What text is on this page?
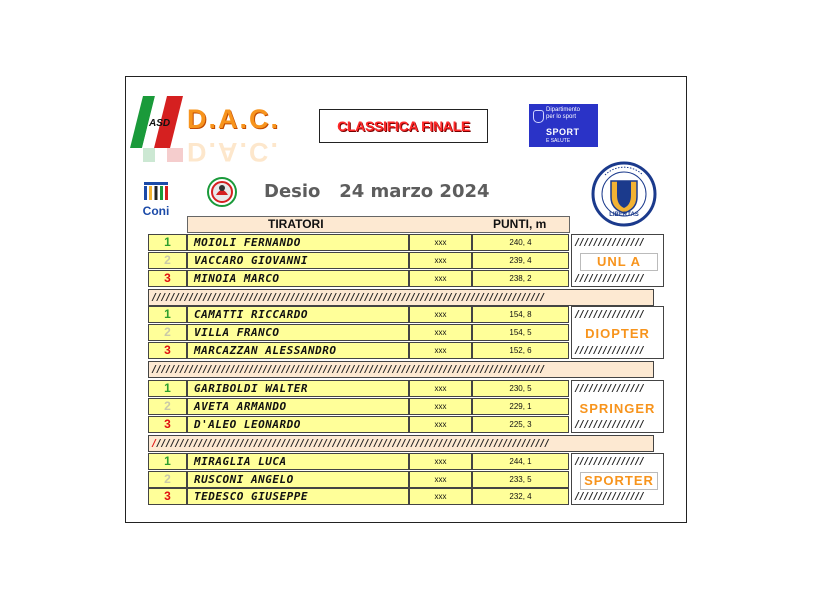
ASD D.A.C.
D.A.C.
CLASSIFICA FINALE
Dipartimento
per lo sport
SPORT
E SALUTE
Coni
Desio 24 marzo 2024
LIBERTAS
TIRATORI	PUNTI, m
1	MOIOLI FERNANDO	xxx	240, 4
2	VACCARO GIOVANNI	xxx	239, 4
3	MINOIA MARCO	xxx	238, 2
///////////////
UNL A
///////////////
/////////////////////////////////////////////////////////////////////////////////////
1	CAMATTI RICCARDO	xxx	154, 8
2	VILLA FRANCO	xxx	154, 5
3	MARCAZZAN ALESSANDRO	xxx	152, 6
///////////////
DIOPTER
///////////////
/////////////////////////////////////////////////////////////////////////////////////
1	GARIBOLDI WALTER	xxx	230, 5
2	AVETA ARMANDO	xxx	229, 1
3	D'ALEO LEONARDO	xxx	225, 3
///////////////
SPRINGER
///////////////
//////////////////////////////////////////////////////////////////////////////////////
1	MIRAGLIA LUCA	xxx	244, 1
2	RUSCONI ANGELO	xxx	233, 5
3	TEDESCO GIUSEPPE	xxx	232, 4
///////////////
SPORTER
///////////////
